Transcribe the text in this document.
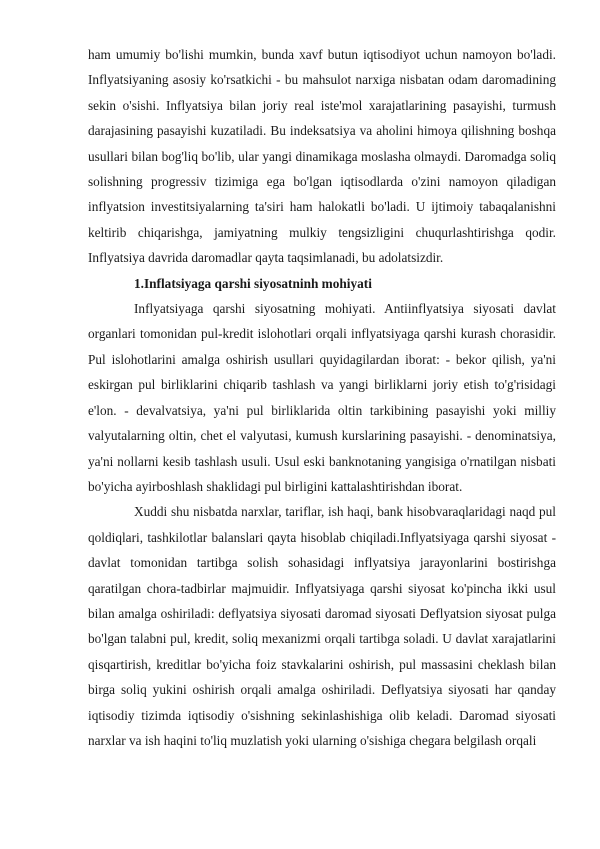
ham umumiy bo'lishi mumkin, bunda xavf butun iqtisodiyot uchun namoyon bo'ladi. Inflyatsiyaning asosiy ko'rsatkichi - bu mahsulot narxiga nisbatan odam daromadining sekin o'sishi. Inflyatsiya bilan joriy real iste'mol xarajatlarining pasayishi, turmush darajasining pasayishi kuzatiladi. Bu indeksatsiya va aholini himoya qilishning boshqa usullari bilan bog'liq bo'lib, ular yangi dinamikaga moslasha olmaydi. Daromadga soliq solishning progressiv tizimiga ega bo'lgan iqtisodlarda o'zini namoyon qiladigan inflyatsion investitsiyalarning ta'siri ham halokatli bo'ladi. U ijtimoiy tabaqalanishni keltirib chiqarishga, jamiyatning mulkiy tengsizligini chuqurlashtirishga qodir. Inflyatsiya davrida daromadlar qayta taqsimlanadi, bu adolatsizdir.

1.Inflatsiyaga qarshi siyosatninh mohiyati

Inflyatsiyaga qarshi siyosatning mohiyati. Antiinflyatsiya siyosati davlat organlari tomonidan pul-kredit islohotlari orqali inflyatsiyaga qarshi kurash chorasidir. Pul islohotlarini amalga oshirish usullari quyidagilardan iborat: - bekor qilish, ya'ni eskirgan pul birliklarini chiqarib tashlash va yangi birliklarni joriy etish to'g'risidagi e'lon. - devalvatsiya, ya'ni pul birliklarida oltin tarkibining pasayishi yoki milliy valyutalarning oltin, chet el valyutasi, kumush kurslarining pasayishi. - denominatsiya, ya'ni nollarni kesib tashlash usuli. Usul eski banknotaning yangisiga o'rnatilgan nisbati bo'yicha ayirboshlash shaklidagi pul birligini kattalashtirishdan iborat.

Xuddi shu nisbatda narxlar, tariflar, ish haqi, bank hisobvaraqlaridagi naqd pul qoldiqlari, tashkilotlar balanslari qayta hisoblab chiqiladi.Inflyatsiyaga qarshi siyosat - davlat tomonidan tartibga solish sohasidagi inflyatsiya jarayonlarini bostirishga qaratilgan chora-tadbirlar majmuidir. Inflyatsiyaga qarshi siyosat ko'pincha ikki usul bilan amalga oshiriladi: deflyatsiya siyosati daromad siyosati Deflyatsion siyosat pulga bo'lgan talabni pul, kredit, soliq mexanizmi orqali tartibga soladi. U davlat xarajatlarini qisqartirish, kreditlar bo'yicha foiz stavkalarini oshirish, pul massasini cheklash bilan birga soliq yukini oshirish orqali amalga oshiriladi. Deflyatsiya siyosati har qanday iqtisodiy tizimda iqtisodiy o'sishning sekinlashishiga olib keladi. Daromad siyosati narxlar va ish haqini to'liq muzlatish yoki ularning o'sishiga chegara belgilash orqali
